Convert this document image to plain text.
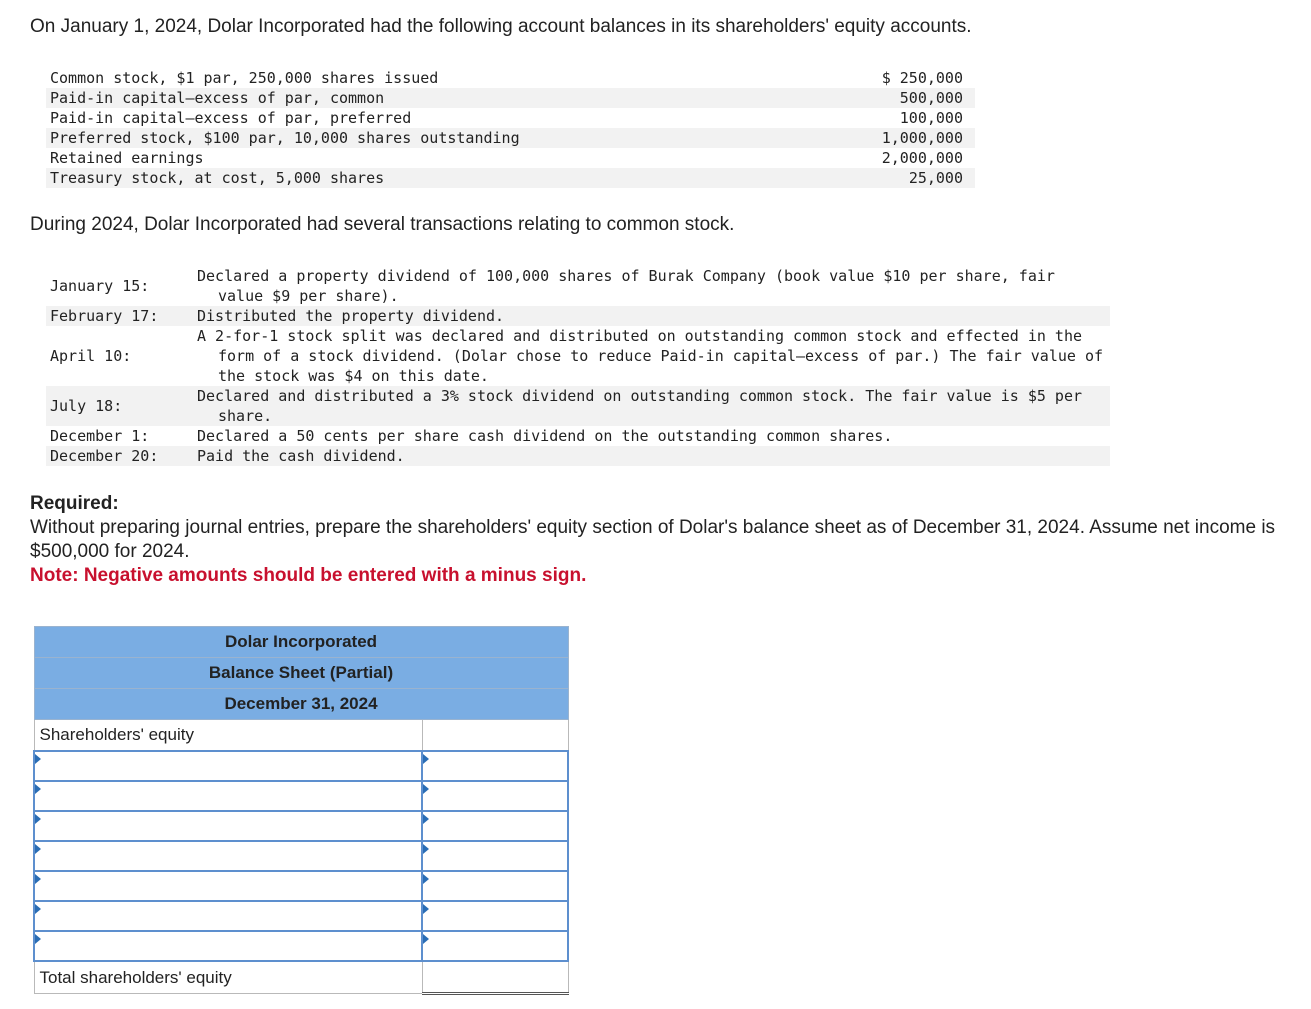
On January 1, 2024, Dolar Incorporated had the following account balances in its shareholders' equity accounts.

Common stock, $1 par, 250,000 shares issued	$ 250,000
Paid-in capital—excess of par, common	500,000
Paid-in capital—excess of par, preferred	100,000
Preferred stock, $100 par, 10,000 shares outstanding	1,000,000
Retained earnings	2,000,000
Treasury stock, at cost, 5,000 shares	25,000

During 2024, Dolar Incorporated had several transactions relating to common stock.

January 15:	Declared a property dividend of 100,000 shares of Burak Company (book value $10 per share, fair value $9 per share).
February 17:	Distributed the property dividend.
April 10:	A 2-for-1 stock split was declared and distributed on outstanding common stock and effected in the form of a stock dividend. (Dolar chose to reduce Paid-in capital—excess of par.) The fair value of the stock was $4 on this date.
July 18:	Declared and distributed a 3% stock dividend on outstanding common stock. The fair value is $5 per share.
December 1:	Declared a 50 cents per share cash dividend on the outstanding common shares.
December 20:	Paid the cash dividend.
Required:
Without preparing journal entries, prepare the shareholders' equity section of Dolar's balance sheet as of December 31, 2024. Assume net income is $500,000 for 2024.
Note: Negative amounts should be entered with a minus sign.
Dolar Incorporated	
Balance Sheet (Partial)	
December 31, 2024	
Shareholders' equity	

Total shareholders' equity	
